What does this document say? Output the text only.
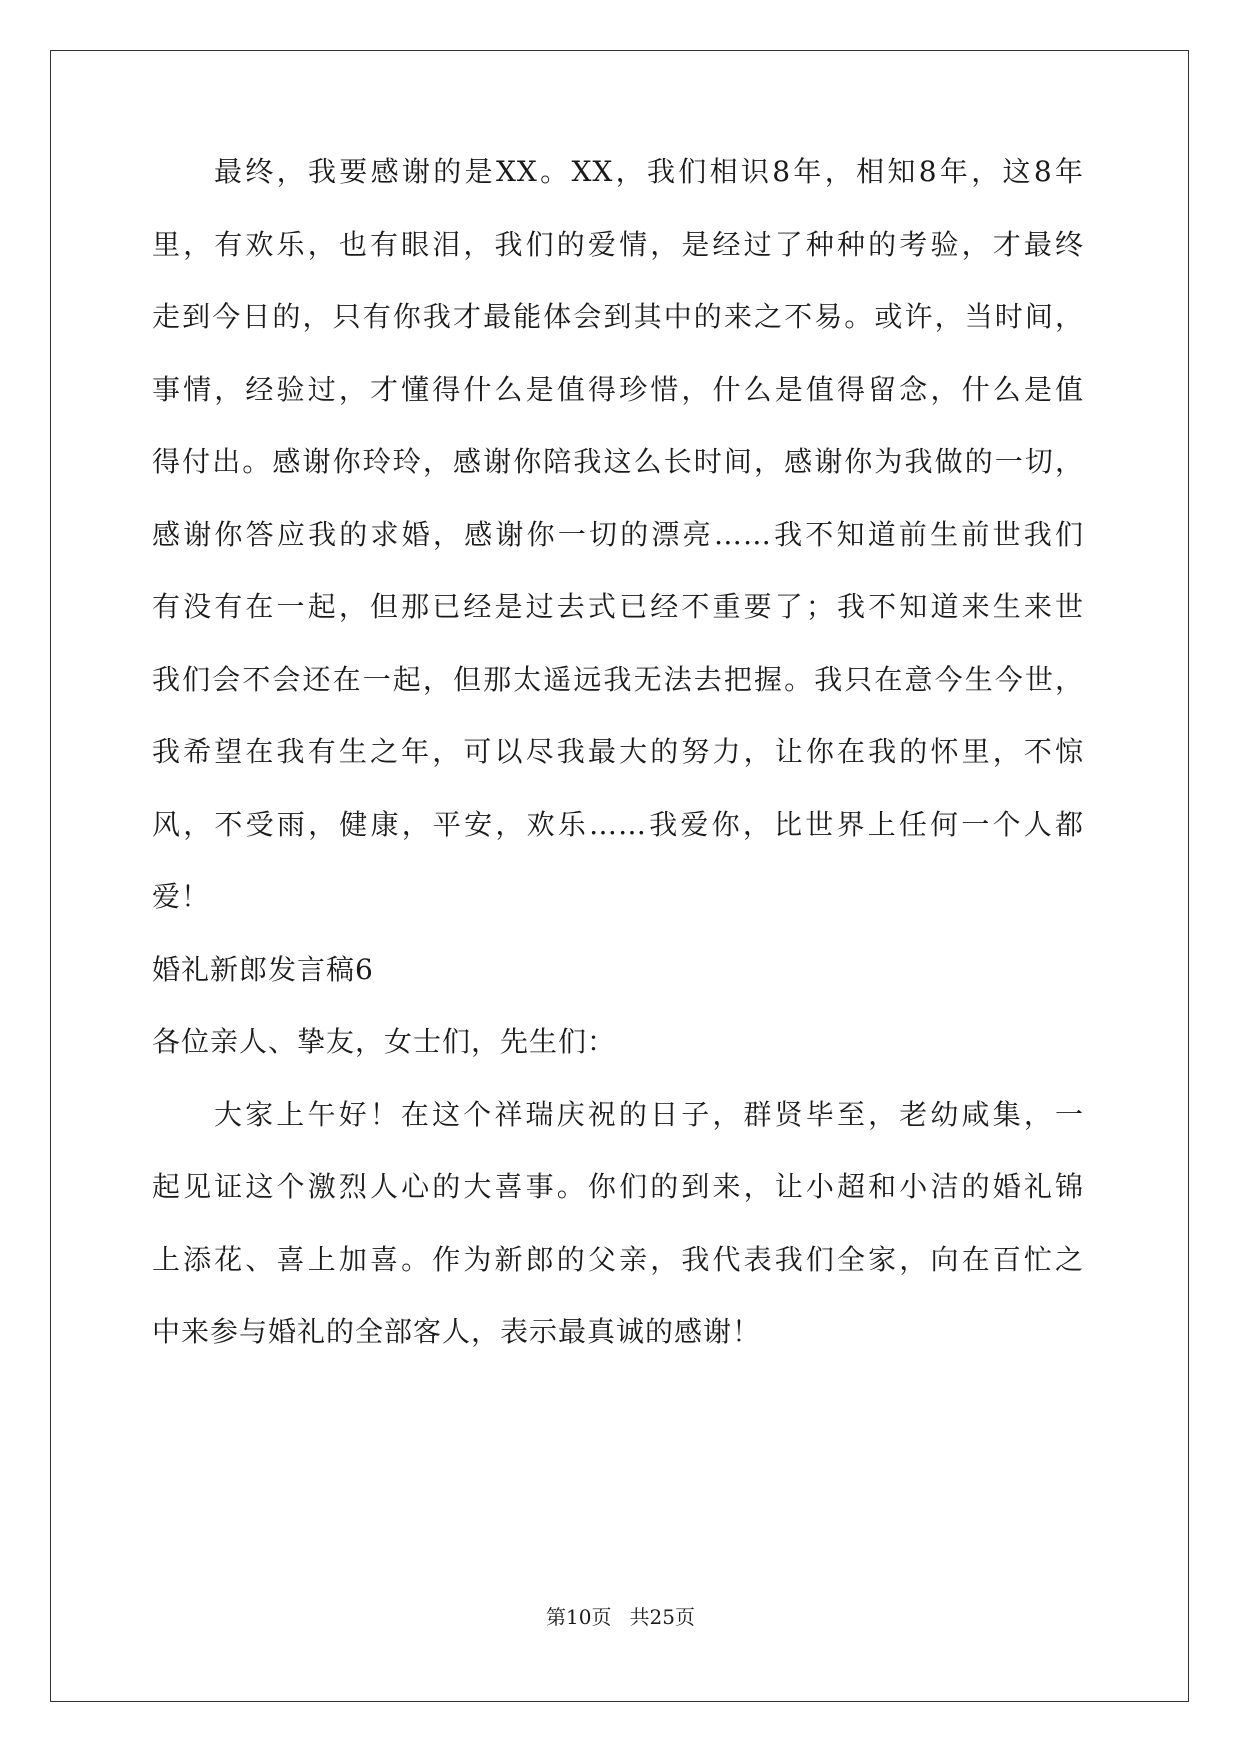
最终，我要感谢的是XX。XX，我们相识8年，相知8年，这8年
里，有欢乐，也有眼泪，我们的爱情，是经过了种种的考验，才最终
走到今日的，只有你我才最能体会到其中的来之不易。或许，当时间，
事情，经验过，才懂得什么是值得珍惜，什么是值得留念，什么是值
得付出。感谢你玲玲，感谢你陪我这么长时间，感谢你为我做的一切，
感谢你答应我的求婚，感谢你一切的漂亮……我不知道前生前世我们
有没有在一起，但那已经是过去式已经不重要了；我不知道来生来世
我们会不会还在一起，但那太遥远我无法去把握。我只在意今生今世，
我希望在我有生之年，可以尽我最大的努力，让你在我的怀里，不惊
风，不受雨，健康，平安，欢乐……我爱你，比世界上任何一个人都
爱！
婚礼新郎发言稿6
各位亲人、挚友，女士们，先生们：
大家上午好！在这个祥瑞庆祝的日子，群贤毕至，老幼咸集，一
起见证这个激烈人心的大喜事。你们的到来，让小超和小洁的婚礼锦
上添花、喜上加喜。作为新郎的父亲，我代表我们全家，向在百忙之
中来参与婚礼的全部客人，表示最真诚的感谢！
第10页 共25页
